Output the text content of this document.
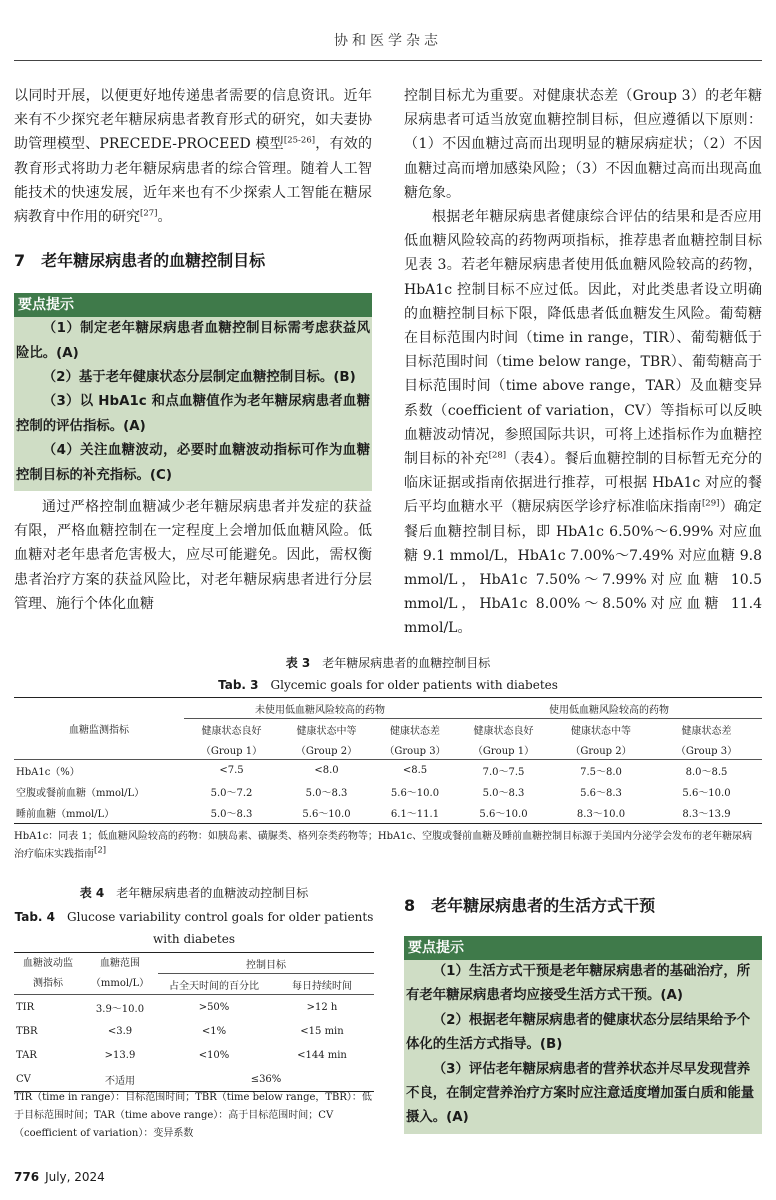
协和医学杂志

以同时开展，以便更好地传递患者需要的信息资讯。近年来有不少探究老年糖尿病患者教育形式的研究，如夫妻协助管理模型、PRECEDE-PROCEED 模型[25-26]，有效的教育形式将助力老年糖尿病患者的综合管理。随着人工智能技术的快速发展，近年来也有不少探索人工智能在糖尿病教育中作用的研究[27]。

7　老年糖尿病患者的血糖控制目标
要点提示

（1）制定老年糖尿病患者血糖控制目标需考虑获益风险比。(A)

（2）基于老年健康状态分层制定血糖控制目标。(B)

（3）以 HbA1c 和点血糖值作为老年糖尿病患者血糖控制的评估指标。(A)

（4）关注血糖波动，必要时血糖波动指标可作为血糖控制目标的补充指标。(C)

通过严格控制血糖减少老年糖尿病患者并发症的获益有限，严格血糖控制在一定程度上会增加低血糖风险。低血糖对老年患者危害极大，应尽可能避免。因此，需权衡患者治疗方案的获益风险比，对老年糖尿病患者进行分层管理、施行个体化血糖

控制目标尤为重要。对健康状态差（Group 3）的老年糖尿病患者可适当放宽血糖控制目标，但应遵循以下原则：（1）不因血糖过高而出现明显的糖尿病症状；（2）不因血糖过高而增加感染风险；（3）不因血糖过高而出现高血糖危象。

根据老年糖尿病患者健康综合评估的结果和是否应用低血糖风险较高的药物两项指标，推荐患者血糖控制目标见表 3。若老年糖尿病患者使用低血糖风险较高的药物，HbA1c 控制目标不应过低。因此，对此类患者设立明确的血糖控制目标下限，降低患者低血糖发生风险。葡萄糖在目标范围内时间（time in range，TIR）、葡萄糖低于目标范围时间（time below range，TBR）、葡萄糖高于目标范围时间（time above range，TAR）及血糖变异系数（coefficient of variation，CV）等指标可以反映血糖波动情况，参照国际共识，可将上述指标作为血糖控制目标的补充[28]（表4）。餐后血糖控制的目标暂无充分的临床证据或指南依据进行推荐，可根据 HbA1c 对应的餐后平均血糖水平（糖尿病医学诊疗标准临床指南[29]）确定餐后血糖控制目标，即 HbA1c 6.50%～6.99% 对应血糖 9.1 mmol/L，HbA1c 7.00%～7.49% 对应血糖 9.8 mmol/L，HbA1c 7.50%～7.99%对应血糖 10.5 mmol/L，HbA1c 8.00%～8.50%对应血糖 11.4 mmol/L。

表 3　 老年糖尿病患者的血糖控制目标
Tab. 3　 Glycemic goals for older patients with diabetes
血糖监测指标	未使用低血糖风险较高的药物			使用低血糖风险较高的药物		
	健康状态良好	健康状态中等	健康状态差	健康状态良好	健康状态中等	健康状态差
	（Group 1）	（Group 2）	（Group 3）	（Group 1）	（Group 2）	（Group 3）
HbA1c（%）	<7.5	<8.0	<8.5	7.0～7.5	7.5～8.0	8.0～8.5
空腹或餐前血糖（mmol/L）	5.0～7.2	5.0～8.3	5.6～10.0	5.0～8.3	5.6～8.3	5.6～10.0
睡前血糖（mmol/L）	5.0～8.3	5.6～10.0	6.1～11.1	5.6～10.0	8.3～10.0	8.3～13.9
HbA1c：同表 1；低血糖风险较高的药物：如胰岛素、磺脲类、格列奈类药物等；HbA1c、空腹或餐前血糖及睡前血糖控制目标源于美国内分泌学会发布的老年糖尿病治疗临床实践指南[2]
表 4　 老年糖尿病患者的血糖波动控制目标
Tab. 4　 Glucose variability control goals for older patients with diabetes
血糖波动监测指标	血糖范围（mmol/L）	控制目标	
		占全天时间的百分比	每日持续时间
TIR	3.9～10.0	>50%	>12 h
TBR	<3.9	<1%	<15 min
TAR	>13.9	<10%	<144 min
CV	不适用	≤36%	
TIR（time in range）：目标范围时间；TBR（time below range，TBR）：低于目标范围时间；TAR（time above range）：高于目标范围时间；CV（coefficient of variation）：变异系数
8　老年糖尿病患者的生活方式干预
要点提示

（1）生活方式干预是老年糖尿病患者的基础治疗，所有老年糖尿病患者均应接受生活方式干预。(A)

（2）根据老年糖尿病患者的健康状态分层结果给予个体化的生活方式指导。(B)

（3）评估老年糖尿病患者的营养状态并尽早发现营养不良，在制定营养治疗方案时应注意适度增加蛋白质和能量摄入。(A)

776 July, 2024
